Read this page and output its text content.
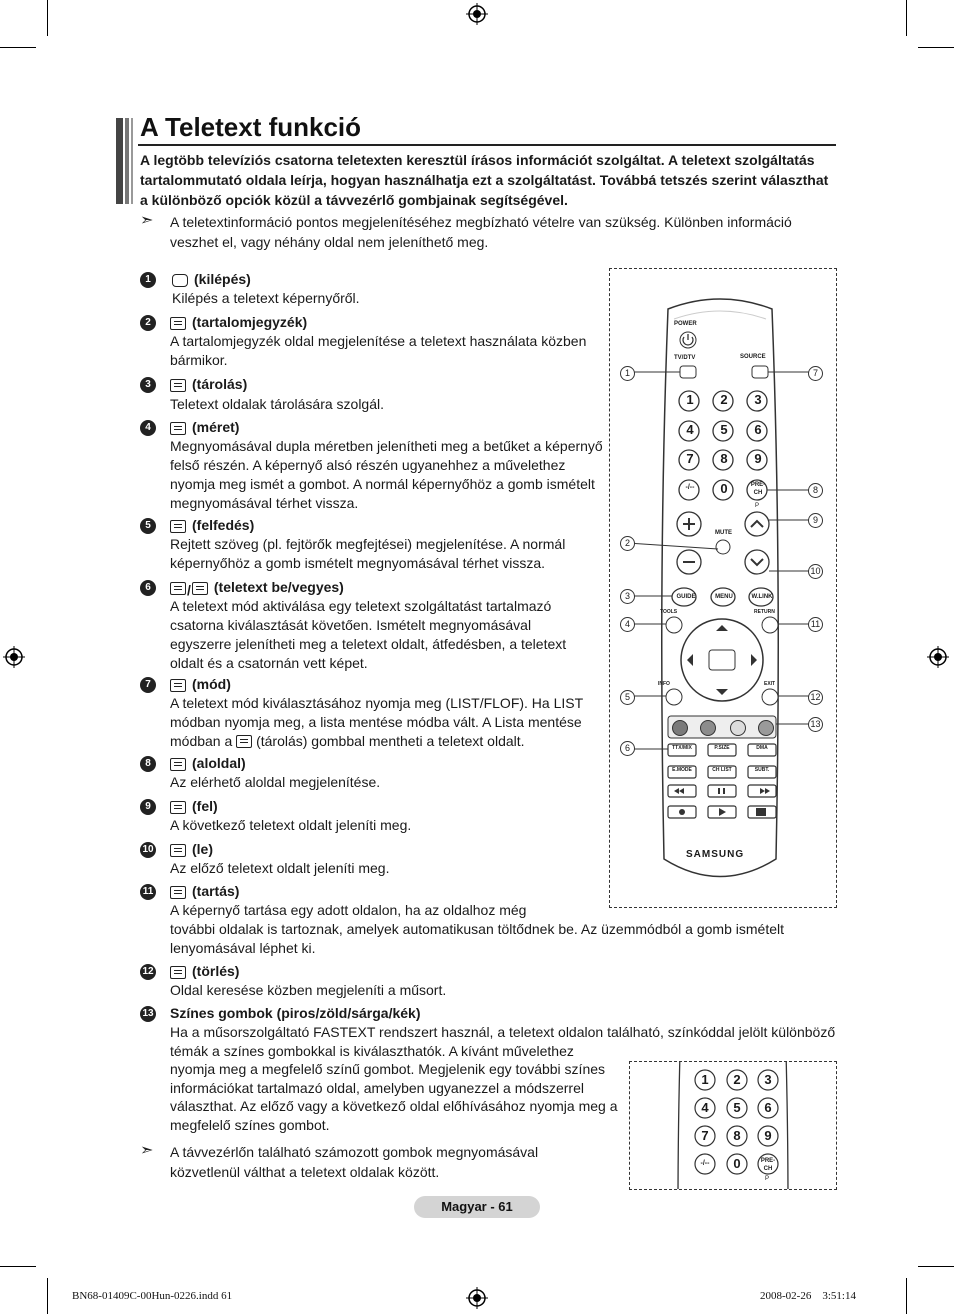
A Teletext funkció
A legtöbb televíziós csatorna teletexten keresztül írásos információt szolgáltat. A teletext szolgáltatás tartalommutató oldala leírja, hogyan használhatja ezt a szolgáltatást. Továbbá tetszés szerint választhat a különböző opciók közül a távvezérlő gombjainak segítségével.
➣ A teletextinformáció pontos megjelenítéséhez megbízható vételre van szükség. Különben információ veszhet el, vagy néhány oldal nem jeleníthető meg.
1	(kilépés)
Kilépés a teletext képernyőről.
2	(tartalomjegyzék)
A tartalomjegyzék oldal megjelenítése a teletext használata közben bármikor.
3	(tárolás)
Teletext oldalak tárolására szolgál.
4	(méret)
Megnyomásával dupla méretben jelenítheti meg a betűket a képernyő felső részén. A képernyő alsó részén ugyanehhez a művelethez nyomja meg ismét a gombot. A normál képernyőhöz a gomb ismételt megnyomásával térhet vissza.
5	(felfedés)
Rejtett szöveg (pl. fejtörők megfejtései) megjelenítése. A normál képernyőhöz a gomb ismételt megnyomásával térhet vissza.
6	/ (teletext be/vegyes)
A teletext mód aktiválása egy teletext szolgáltatást tartalmazó csatorna kiválasztását követően. Ismételt megnyomásával egyszerre jelenítheti meg a teletext oldalt, átfedésben, a teletext oldalt és a csatornán vett képet.
7	(mód)
A teletext mód kiválasztásához nyomja meg (LIST/FLOF). Ha LIST módban nyomja meg, a lista mentése módba vált. A Lista mentése módban a (tárolás) gombbal mentheti a teletext oldalt.
8	(aloldal)
Az elérhető aloldal megjelenítése.
9	(fel)
A következő teletext oldalt jeleníti meg.
10	(le)
Az előző teletext oldalt jeleníti meg.
11	(tartás)
A képernyő tartása egy adott oldalon, ha az oldalhoz még
további oldalak is tartoznak, amelyek automatikusan töltődnek be. Az üzemmódból a gomb ismételt lenyomásával léphet ki.
12	(törlés)
Oldal keresése közben megjeleníti a műsort.
13 Színes gombok (piros/zöld/sárga/kék)
Ha a műsorszolgáltató FASTEXT rendszert használ, a teletext oldalon található, színkóddal jelölt különböző témák a színes gombokkal is kiválaszthatók. A kívánt művelethez
nyomja meg a megfelelő színű gombot. Megjelenik egy további színes információkat tartalmazó oldal, amelyben ugyanezzel a módszerrel választhat. Az előző vagy a következő oldal előhívásához nyomja meg a megfelelő színes gombot.
➣ A távvezérlőn található számozott gombok megnyomásával közvetlenül válthat a teletext oldalak között.
POWER
TV/DTV	SOURCE
1	2	3
4	5	6
7	8	9
-/--	0	PRE-CH
P
MUTE
GUIDE	MENU	W.LINK
TOOLS	RETURN
INFO	EXIT
TTX/MIX	P.SIZE	DMA
E.MODE	CH LIST	SUBT.
SAMSUNG
1	7
8
9
2
10
3
4	11
5	12
6
13
1	2	3
4	5	6
7	8	9
-/--	0	PRE-CH
P
Magyar - 61
BN68-01409C-00Hun-0226.indd 61	2008-02-26    3:51:14
